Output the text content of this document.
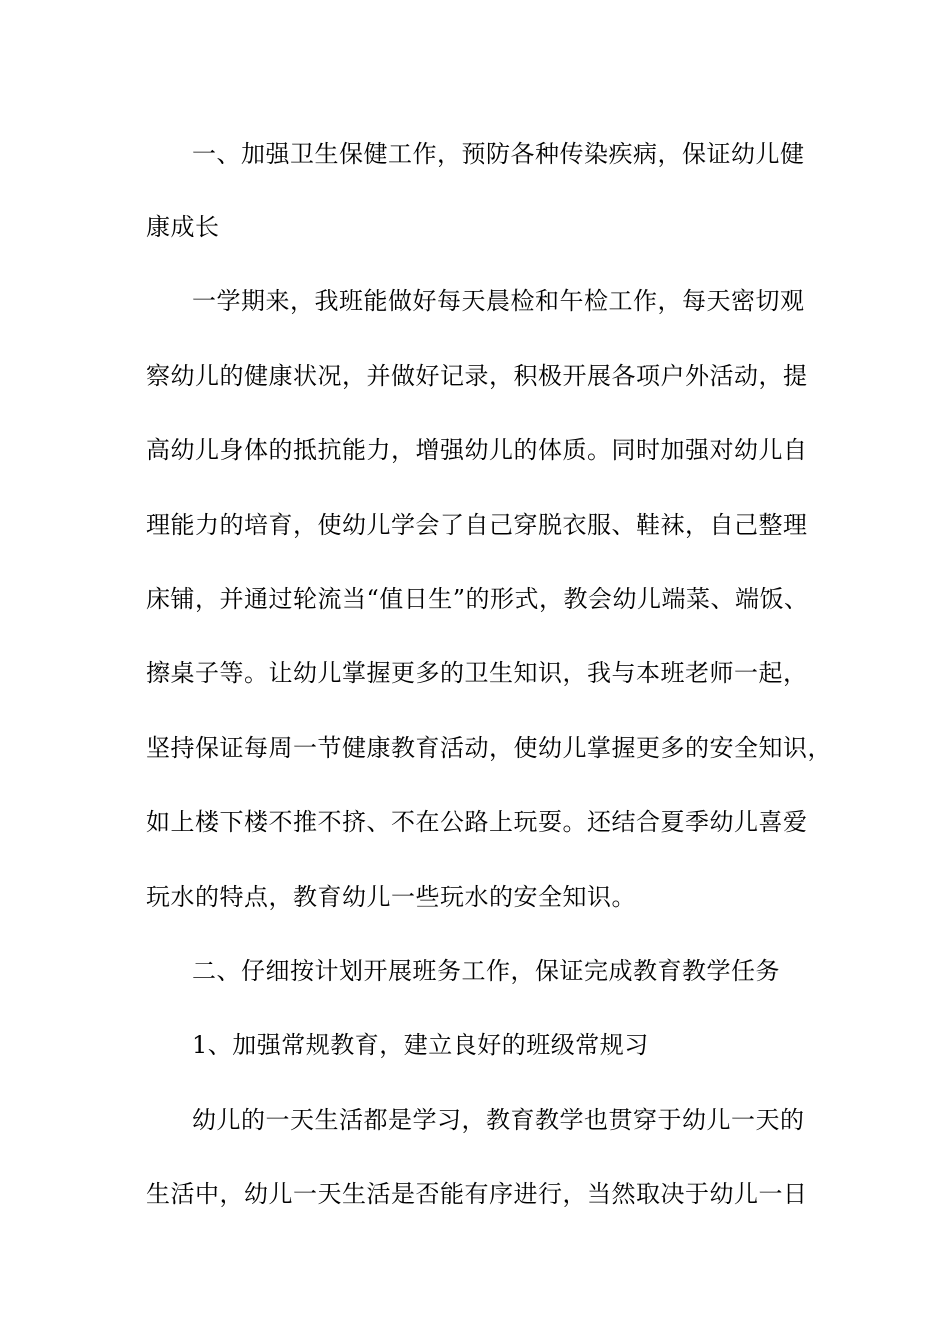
一、加强卫生保健工作，预防各种传染疾病，保证幼儿健
康成长
一学期来，我班能做好每天晨检和午检工作，每天密切观
察幼儿的健康状况，并做好记录，积极开展各项户外活动，提
高幼儿身体的抵抗能力，增强幼儿的体质。同时加强对幼儿自
理能力的培育，使幼儿学会了自己穿脱衣服、鞋袜，自己整理
床铺，并通过轮流当“值日生”的形式，教会幼儿端菜、端饭、
擦桌子等。让幼儿掌握更多的卫生知识，我与本班老师一起，
坚持保证每周一节健康教育活动，使幼儿掌握更多的安全知识，
如上楼下楼不推不挤、不在公路上玩耍。还结合夏季幼儿喜爱
玩水的特点，教育幼儿一些玩水的安全知识。
二、仔细按计划开展班务工作，保证完成教育教学任务
1、加强常规教育，建立良好的班级常规习
幼儿的一天生活都是学习，教育教学也贯穿于幼儿一天的
生活中，幼儿一天生活是否能有序进行，当然取决于幼儿一日
